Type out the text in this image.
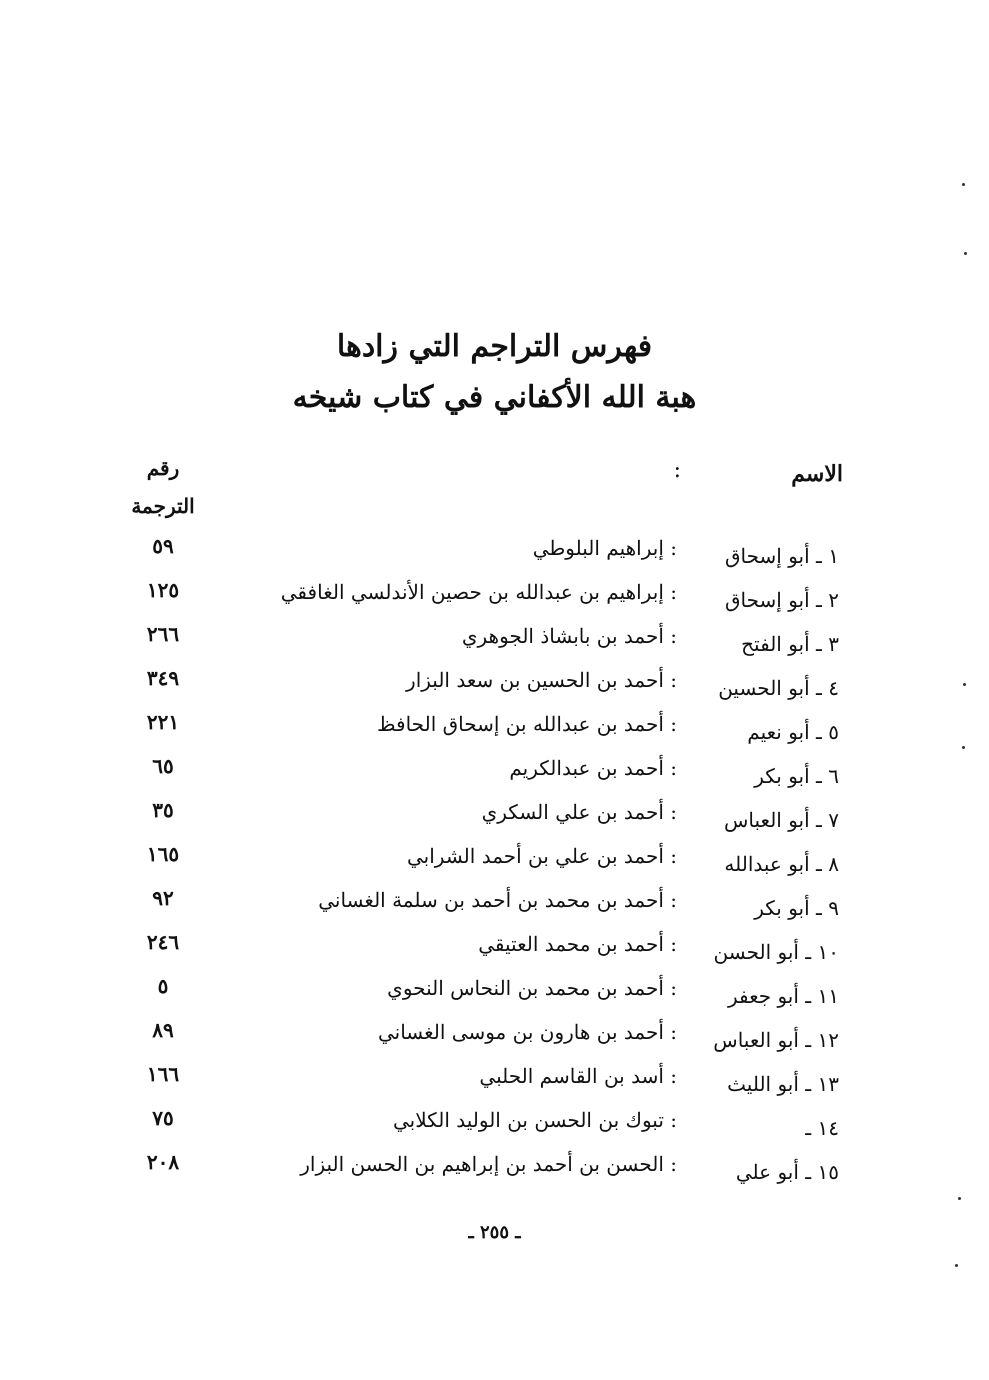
فهرس التراجم التي زادها
هبة الله الأكفاني في كتاب شيخه
الاسم
:
رقم
الترجمة
١ ـ أبو إسحاق
: إبراهيم البلوطي
٥٩
٢ ـ أبو إسحاق
: إبراهيم بن عبدالله بن حصين الأندلسي الغافقي
١٢٥
٣ ـ أبو الفتح
: أحمد بن بابشاذ الجوهري
٢٦٦
٤ ـ أبو الحسين
: أحمد بن الحسين بن سعد البزار
٣٤٩
٥ ـ أبو نعيم
: أحمد بن عبدالله بن إسحاق الحافظ
٢٢١
٦ ـ أبو بكر
: أحمد بن عبدالكريم
٦٥
٧ ـ أبو العباس
: أحمد بن علي السكري
٣٥
٨ ـ أبو عبدالله
: أحمد بن علي بن أحمد الشرابي
١٦٥
٩ ـ أبو بكر
: أحمد بن محمد بن أحمد بن سلمة الغساني
٩٢
١٠ ـ أبو الحسن
: أحمد بن محمد العتيقي
٢٤٦
١١ ـ أبو جعفر
: أحمد بن محمد بن النحاس النحوي
٥
١٢ ـ أبو العباس
: أحمد بن هارون بن موسى الغساني
٨٩
١٣ ـ أبو الليث
: أسد بن القاسم الحلبي
١٦٦
١٤ ـ
: تبوك بن الحسن بن الوليد الكلابي
٧٥
١٥ ـ أبو علي
: الحسن بن أحمد بن إبراهيم بن الحسن البزار
٢٠٨
ـ ٢٥٥ ـ
